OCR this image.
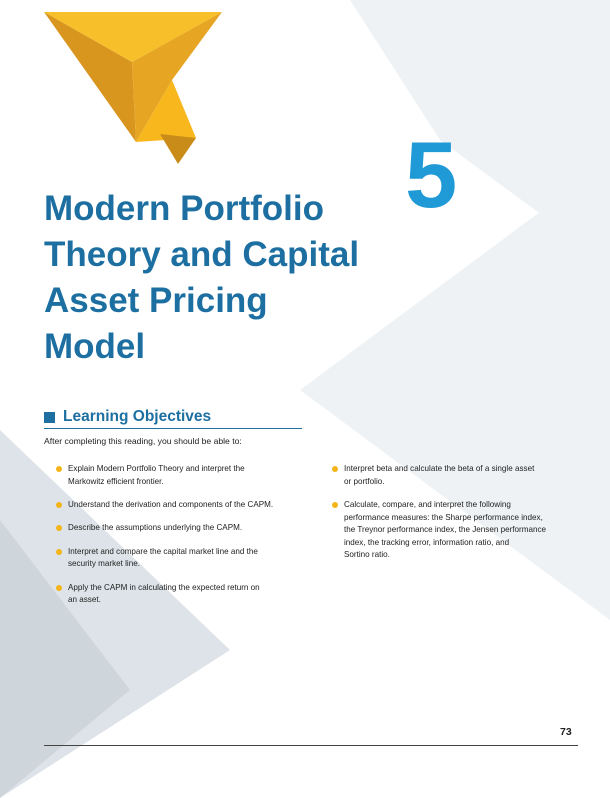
5
Modern Portfolio
Theory and Capital
Asset Pricing
Model
Learning Objectives
After completing this reading, you should be able to:
Explain Modern Portfolio Theory and interpret the
Markowitz efficient frontier.
Understand the derivation and components of the CAPM.
Describe the assumptions underlying the CAPM.
Interpret and compare the capital market line and the
security market line.
Apply the CAPM in calculating the expected return on
an asset.
Interpret beta and calculate the beta of a single asset
or portfolio.
Calculate, compare, and interpret the following
performance measures: the Sharpe performance index,
the Treynor performance index, the Jensen performance
index, the tracking error, information ratio, and
Sortino ratio.
73
